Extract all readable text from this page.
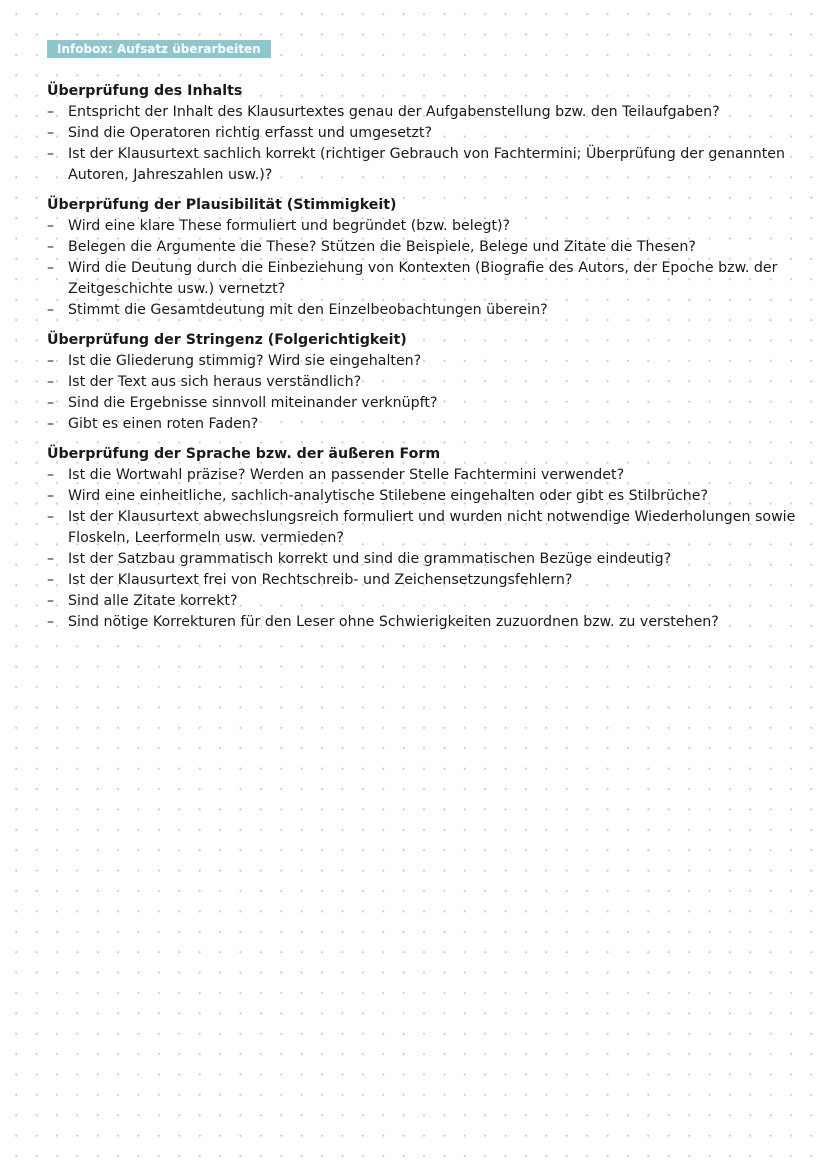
Infobox: Aufsatz überarbeiten
Überprüfung des Inhalts
– Entspricht der Inhalt des Klausurtextes genau der Aufgabenstellung bzw. den Teilaufgaben?
– Sind die Operatoren richtig erfasst und umgesetzt?
– Ist der Klausurtext sachlich korrekt (richtiger Gebrauch von Fachtermini; Überprüfung der genannten Autoren, Jahreszahlen usw.)?
Überprüfung der Plausibilität (Stimmigkeit)
– Wird eine klare These formuliert und begründet (bzw. belegt)?
– Belegen die Argumente die These? Stützen die Beispiele, Belege und Zitate die Thesen?
– Wird die Deutung durch die Einbeziehung von Kontexten (Biografie des Autors, der Epoche bzw. der Zeitgeschichte usw.) vernetzt?
– Stimmt die Gesamtdeutung mit den Einzelbeobachtungen überein?
Überprüfung der Stringenz (Folgerichtigkeit)
– Ist die Gliederung stimmig? Wird sie eingehalten?
– Ist der Text aus sich heraus verständlich?
– Sind die Ergebnisse sinnvoll miteinander verknüpft?
– Gibt es einen roten Faden?
Überprüfung der Sprache bzw. der äußeren Form
– Ist die Wortwahl präzise? Werden an passender Stelle Fachtermini verwendet?
– Wird eine einheitliche, sachlich-analytische Stilebene eingehalten oder gibt es Stilbrüche?
– Ist der Klausurtext abwechslungsreich formuliert und wurden nicht notwendige Wiederholungen sowie Floskeln, Leerformeln usw. vermieden?
– Ist der Satzbau grammatisch korrekt und sind die grammatischen Bezüge eindeutig?
– Ist der Klausurtext frei von Rechtschreib- und Zeichensetzungsfehlern?
– Sind alle Zitate korrekt?
– Sind nötige Korrekturen für den Leser ohne Schwierigkeiten zuzuordnen bzw. zu verstehen?
